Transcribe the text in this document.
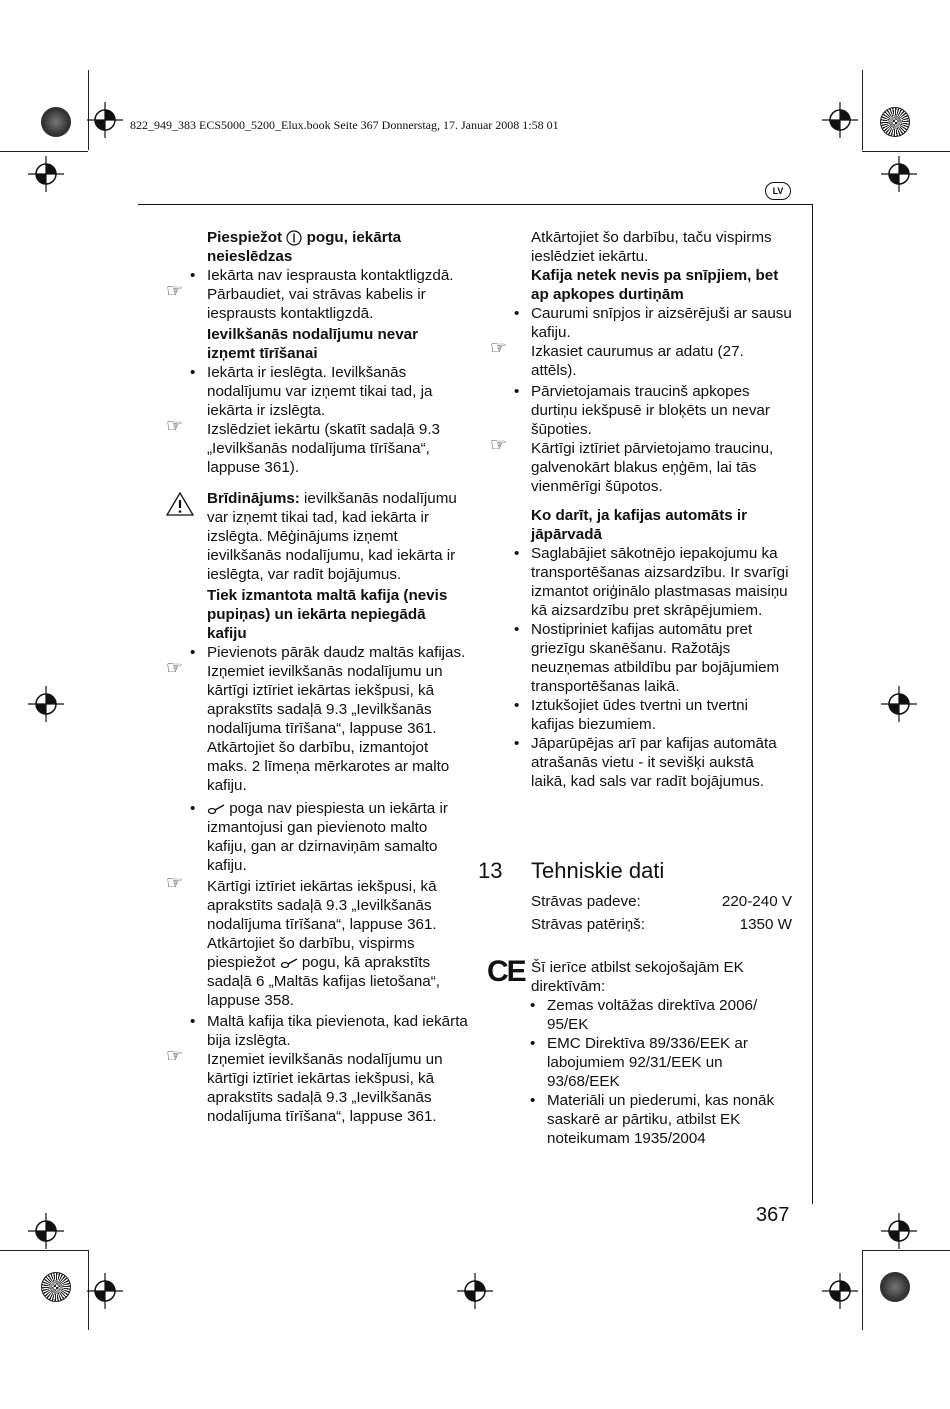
822_949_383 ECS5000_5200_Elux.book Seite 367 Donnerstag, 17. Januar 2008 1:58 01
LV

Piespiežot pogu, iekārta neieslēdzas

• Iekārta nav iesprausta kontaktligzdā.

☞ Pārbaudiet, vai strāvas kabelis ir iesprausts kontaktligzdā.

Ievilkšanās nodalījumu nevar izņemt tīrīšanai

• Iekārta ir ieslēgta. Ievilkšanās nodalījumu var izņemt tikai tad, ja iekārta ir izslēgta.

☞ Izslēdziet iekārtu (skatīt sadaļā 9.3 „Ievilkšanās nodalījuma tīrīšana“, lappuse 361).
Brīdinājums: ievilkšanās nodalījumu var izņemt tikai tad, kad iekārta ir izslēgta. Mēģinājums izņemt ievilkšanās nodalījumu, kad iekārta ir ieslēgta, var radīt bojājumus.

Tiek izmantota maltā kafija (nevis pupiņas) un iekārta nepiegādā kafiju

• Pievienots pārāk daudz maltās kafijas.

☞ Izņemiet ievilkšanās nodalījumu un kārtīgi iztīriet iekārtas iekšpusi, kā aprakstīts sadaļā 9.3 „Ievilkšanās nodalījuma tīrīšana“, lappuse 361. Atkārtojiet šo darbību, izmantojot maks. 2 līmeņa mērkarotes ar malto kafiju.
• poga nav piespiesta un iekārta ir izmantojusi gan pievienoto malto kafiju, gan ar dzirnaviņām samalto kafiju.
☞ Kārtīgi iztīriet iekārtas iekšpusi, kā aprakstīts sadaļā 9.3 „Ievilkšanās nodalījuma tīrīšana“, lappuse 361. Atkārtojiet šo darbību, vispirms piespiežot  pogu, kā aprakstīts sadaļā 6 „Maltās kafijas lietošana“, lappuse 358.

• Maltā kafija tika pievienota, kad iekārta bija izslēgta.

☞ Izņemiet ievilkšanās nodalījumu un kārtīgi iztīriet iekārtas iekšpusi, kā aprakstīts sadaļā 9.3 „Ievilkšanās nodalījuma tīrīšana“, lappuse 361.

Atkārtojiet šo darbību, taču vispirms ieslēdziet iekārtu.

Kafija netek nevis pa snīpjiem, bet ap apkopes durtiņām

• Caurumi snīpjos ir aizsērējuši ar sausu kafiju.

☞ Izkasiet caurumus ar adatu (27. attēls).

• Pārvietojamais traucinš apkopes durtiņu iekšpusē ir bloķēts un nevar šūpoties.

☞ Kārtīgi iztīriet pārvietojamo traucinu, galvenokārt blakus eņģēm, lai tās vienmērīgi šūpotos.

Ko darīt, ja kafijas automāts ir jāpārvadā

• Saglabājiet sākotnējo iepakojumu ka transportēšanas aizsardzību. Ir svarīgi izmantot oriģinālo plastmasas maisiņu kā aizsardzību pret skrāpējumiem.

• Nostipriniet kafijas automātu pret griezīgu skanēšanu. Ražotājs neuzņemas atbildību par bojājumiem transportēšanas laikā.

• Iztukšojiet ūdes tvertni un tvertni kafijas biezumiem.

• Jāparūpējas arī par kafijas automāta atrašanās vietu - it sevišķi aukstā laikā, kad sals var radīt bojājumus.

13 Tehniskie dati
Strāvas padeve:	220-240 V
Strāvas patēriņš:	1350 W
CE Šī ierīce atbilst sekojošajām EK direktīvām:

• Zemas voltāžas direktīva 2006/ 95/EK

• EMC Direktīva 89/336/EEK ar labojumiem 92/31/EEK un 93/68/EEK

• Materiāli un piederumi, kas nonāk saskarē ar pārtiku, atbilst EK noteikumam 1935/2004

367
